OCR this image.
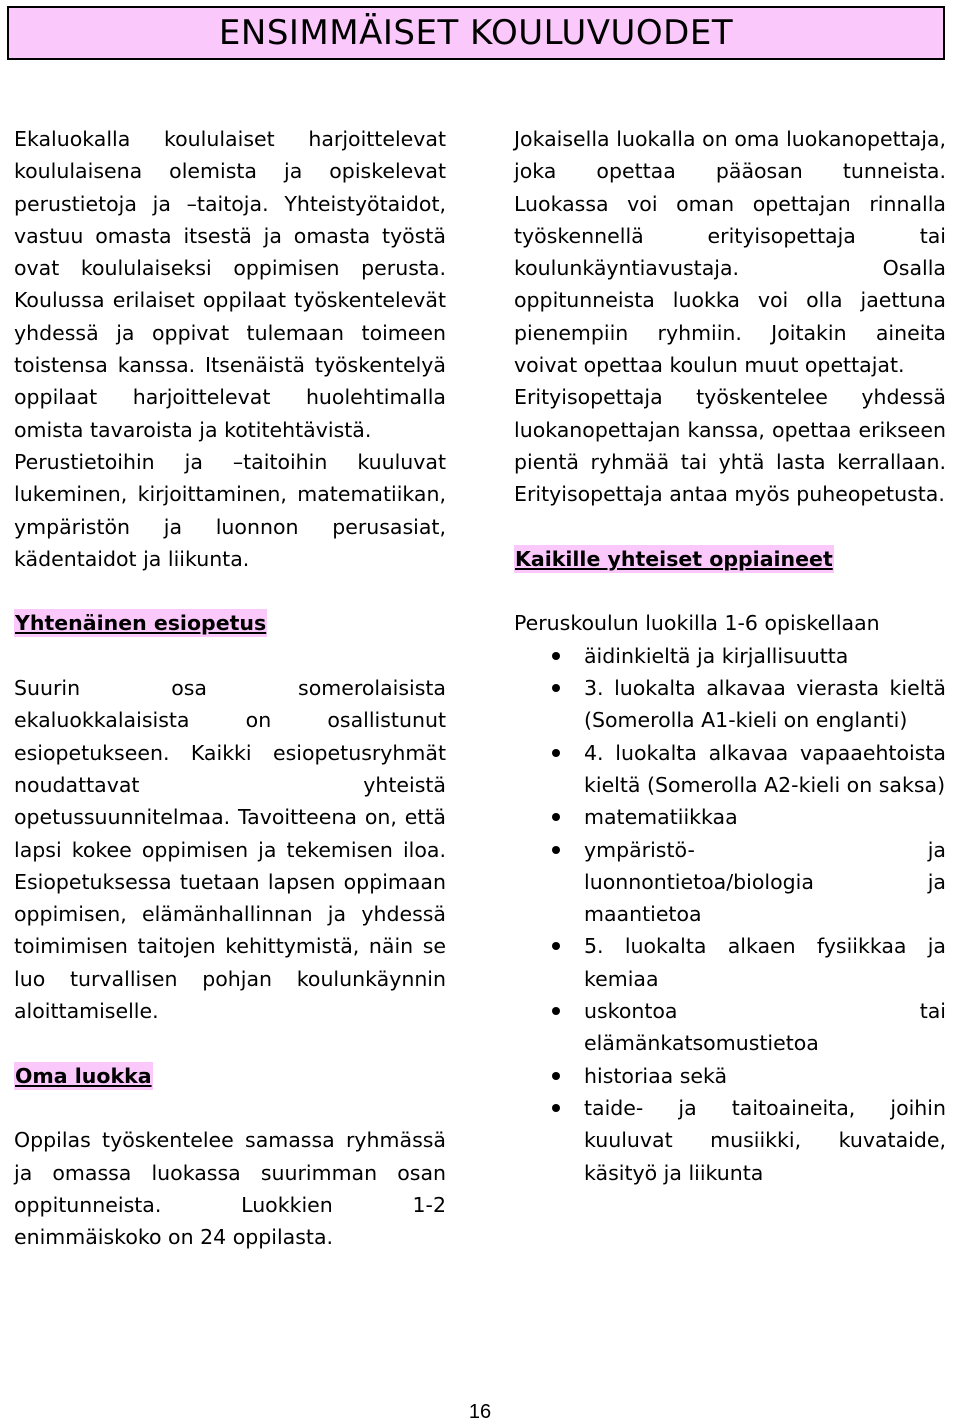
ENSIMMÄISET KOULUVUODET

Ekaluokalla koululaiset harjoittelevat koululaisena olemista ja opiskelevat perustietoja ja –taitoja. Yhteistyötaidot, vastuu omasta itsestä ja omasta työstä ovat koululaiseksi oppimisen perusta. Koulussa erilaiset oppilaat työskentelevät yhdessä ja oppivat tulemaan toimeen toistensa kanssa. Itsenäistä työskentelyä oppilaat harjoittelevat huolehtimalla omista tavaroista ja kotitehtävistä.

Perustietoihin ja –taitoihin kuuluvat lukeminen, kirjoittaminen, matematiikan, ympäristön ja luonnon perusasiat, kädentaidot ja liikunta.

Yhtenäinen esiopetus

Suurin osa somerolaisista ekaluokkalaisista on osallistunut esiopetukseen. Kaikki esiopetusryhmät noudattavat yhteistä opetussuunnitelmaa. Tavoitteena on, että lapsi kokee oppimisen ja tekemisen iloa. Esiopetuksessa tuetaan lapsen oppimaan oppimisen, elämänhallinnan ja yhdessä toimimisen taitojen kehittymistä, näin se luo turvallisen pohjan koulunkäynnin aloittamiselle.

Oma luokka

Oppilas työskentelee samassa ryhmässä ja omassa luokassa suurimman osan oppitunneista. Luokkien 1-2 enimmäiskoko on 24 oppilasta.

Jokaisella luokalla on oma luokanopettaja, joka opettaa pääosan tunneista. Luokassa voi oman opettajan rinnalla työskennellä erityisopettaja tai koulunkäyntiavustaja. Osalla oppitunneista luokka voi olla jaettuna pienempiin ryhmiin. Joitakin aineita voivat opettaa koulun muut opettajat.

Erityisopettaja työskentelee yhdessä luokanopettajan kanssa, opettaa erikseen pientä ryhmää tai yhtä lasta kerrallaan. Erityisopettaja antaa myös puheopetusta.

Kaikille yhteiset oppiaineet

Peruskoulun luokilla 1-6 opiskellaan

äidinkieltä ja kirjallisuutta
3. luokalta alkavaa vierasta kieltä (Somerolla A1-kieli on englanti)
4. luokalta alkavaa vapaaehtoista kieltä (Somerolla A2-kieli on saksa)
matematiikkaa
ympäristö- ja luonnontietoa/biologia ja maantietoa
5. luokalta alkaen fysiikkaa ja kemiaa
uskontoa tai elämänkatsomustietoa
historiaa sekä
taide- ja taitoaineita, joihin kuuluvat musiikki, kuvataide, käsityö ja liikunta
16
